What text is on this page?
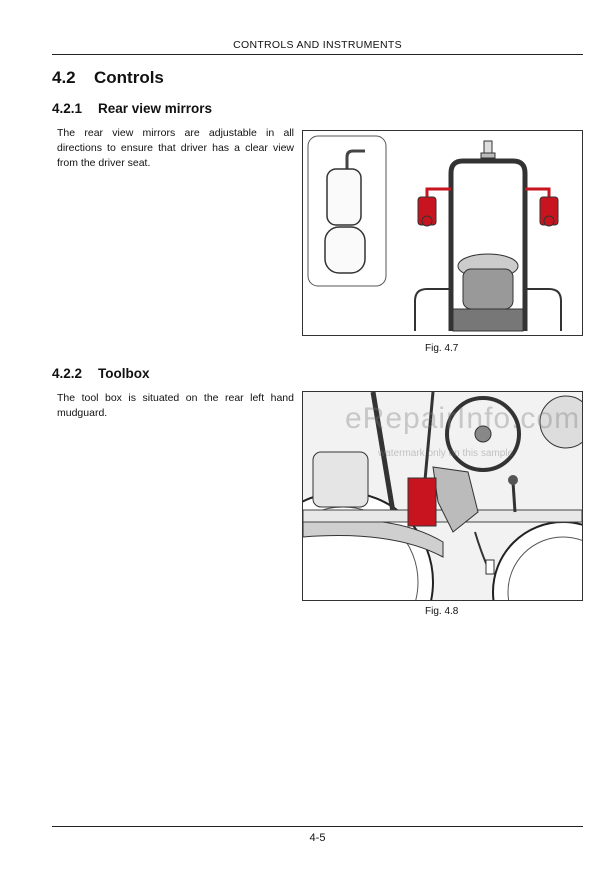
CONTROLS AND INSTRUMENTS
4.2 Controls
4.2.1 Rear view mirrors

The rear view mirrors are adjustable in all directions to ensure that driver has a clear view from the driver seat.

Fig. 4.7
4.2.2 Toolbox

The tool box is situated on the rear left hand mudguard.

Fig. 4.8
eRepairInfo.com
watermark only on this sample
4-5
